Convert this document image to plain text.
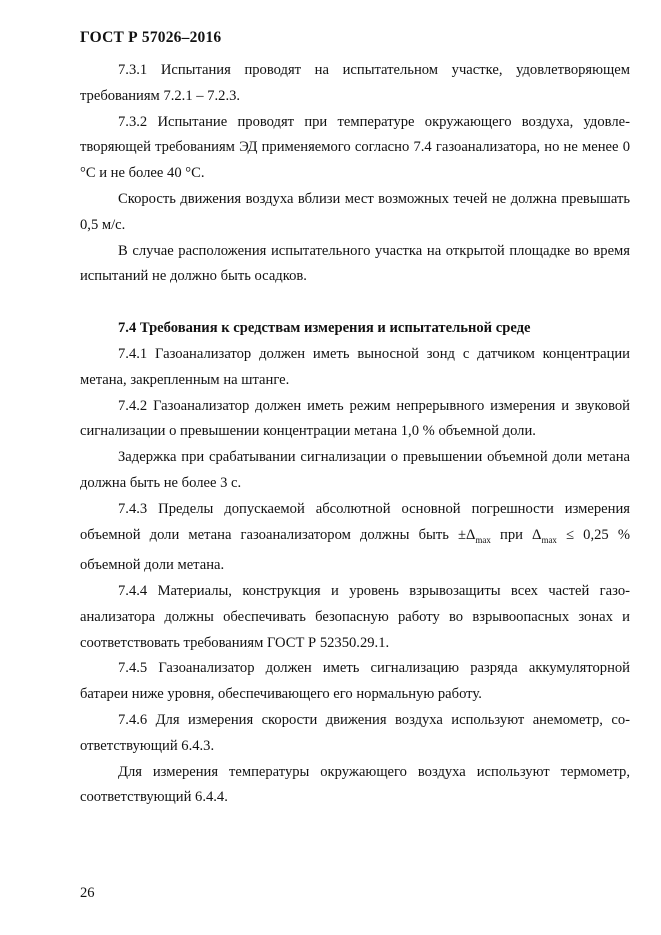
ГОСТ Р 57026–2016

7.3.1 Испытания проводят на испытательном участке, удовлетворяющем требованиям 7.2.1 – 7.2.3.

7.3.2 Испытание проводят при температуре окружающего воздуха, удовлетворяющей требованиям ЭД применяемого согласно 7.4 газоанализатора, но не менее 0 °С и не более 40 °С.

Скорость движения воздуха вблизи мест возможных течей не должна превышать 0,5 м/с.

В случае расположения испытательного участка на открытой площадке во время испытаний не должно быть осадков.

7.4 Требования к средствам измерения и испытательной среде

7.4.1 Газоанализатор должен иметь выносной зонд с датчиком концентрации метана, закрепленным на штанге.

7.4.2 Газоанализатор должен иметь режим непрерывного измерения и звуковой сигнализации о превышении концентрации метана 1,0 % объемной доли.

Задержка при срабатывании сигнализации о превышении объемной доли метана должна быть не более 3 с.

7.4.3 Пределы допускаемой абсолютной основной погрешности измерения объемной доли метана газоанализатором должны быть $\pm\Delta_{max}$ при $\Delta_{max} \le 0,25$ % объемной доли метана.

7.4.4 Материалы, конструкция и уровень взрывозащиты всех частей газоанализатора должны обеспечивать безопасную работу во взрывоопасных зонах и соответствовать требованиям ГОСТ Р 52350.29.1.

7.4.5 Газоанализатор должен иметь сигнализацию разряда аккумуляторной батареи ниже уровня, обеспечивающего его нормальную работу.

7.4.6 Для измерения скорости движения воздуха используют анемометр, соответствующий 6.4.3.

Для измерения температуры окружающего воздуха используют термометр, соответствующий 6.4.4.

26
